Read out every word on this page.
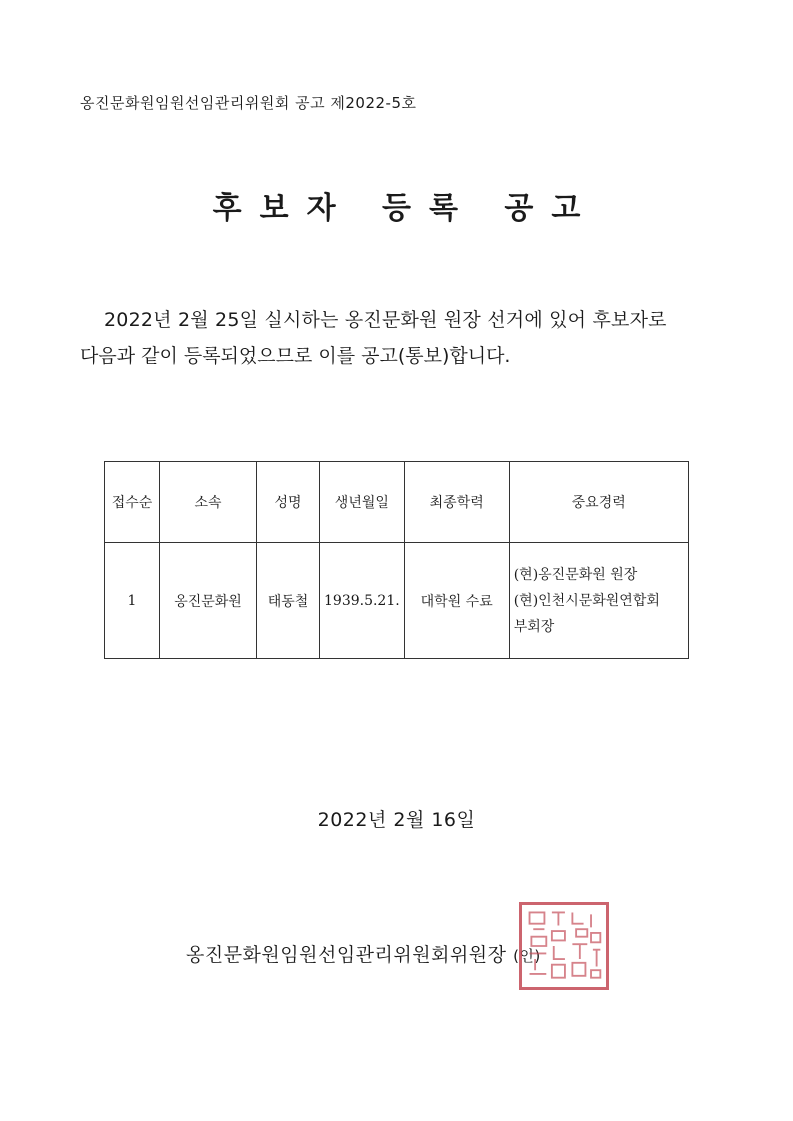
옹진문화원임원선임관리위원회 공고 제2022-5호
후보자 등록 공고
2022년 2월 25일 실시하는 옹진문화원 원장 선거에 있어 후보자로
다음과 같이 등록되었으므로 이를 공고(통보)합니다.
접수순	소속	성명	생년월일	최종학력	중요경력
1	옹진문화원	태동철	1939.5.21.	대학원 수료	(현)옹진문화원 원장
(현)인천시문화원연합회
부회장
2022년 2월 16일
옹진문화원임원선임관리위원회위원장 (인)
